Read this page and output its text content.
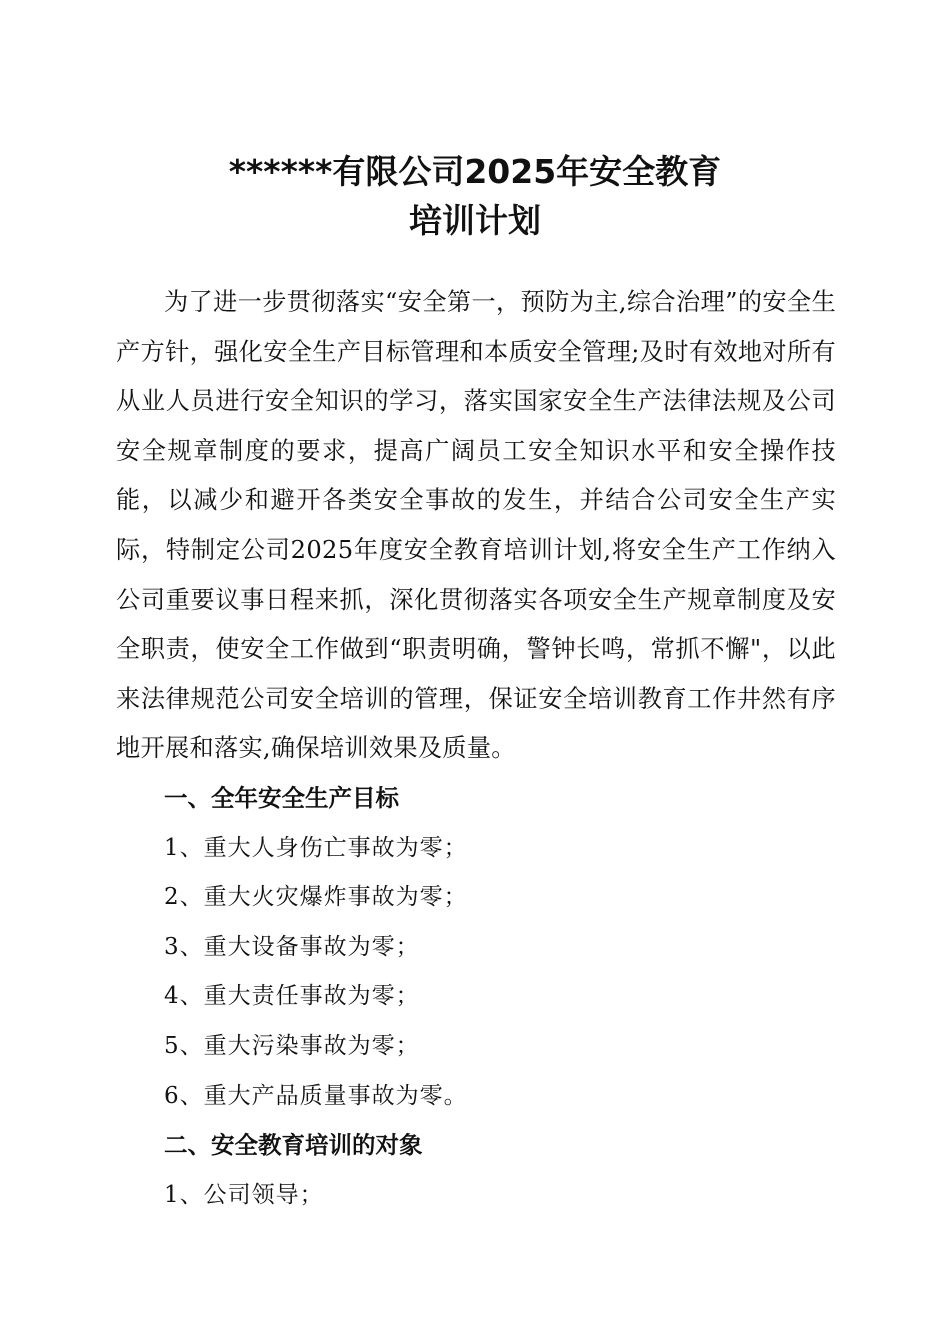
******有限公司2025年安全教育
培训计划

为了进一步贯彻落实“安全第一，预防为主,综合治理”的安全生产方针，强化安全生产目标管理和本质安全管理;及时有效地对所有从业人员进行安全知识的学习，落实国家安全生产法律法规及公司安全规章制度的要求，提高广阔员工安全知识水平和安全操作技能，以减少和避开各类安全事故的发生，并结合公司安全生产实际，特制定公司2025年度安全教育培训计划,将安全生产工作纳入公司重要议事日程来抓，深化贯彻落实各项安全生产规章制度及安全职责，使安全工作做到“职责明确，警钟长鸣，常抓不懈"，以此来法律规范公司安全培训的管理，保证安全培训教育工作井然有序地开展和落实,确保培训效果及质量。

一、全年安全生产目标

1、重大人身伤亡事故为零；

2、重大火灾爆炸事故为零；

3、重大设备事故为零；

4、重大责任事故为零；

5、重大污染事故为零；

6、重大产品质量事故为零。

二、安全教育培训的对象

1、公司领导；
